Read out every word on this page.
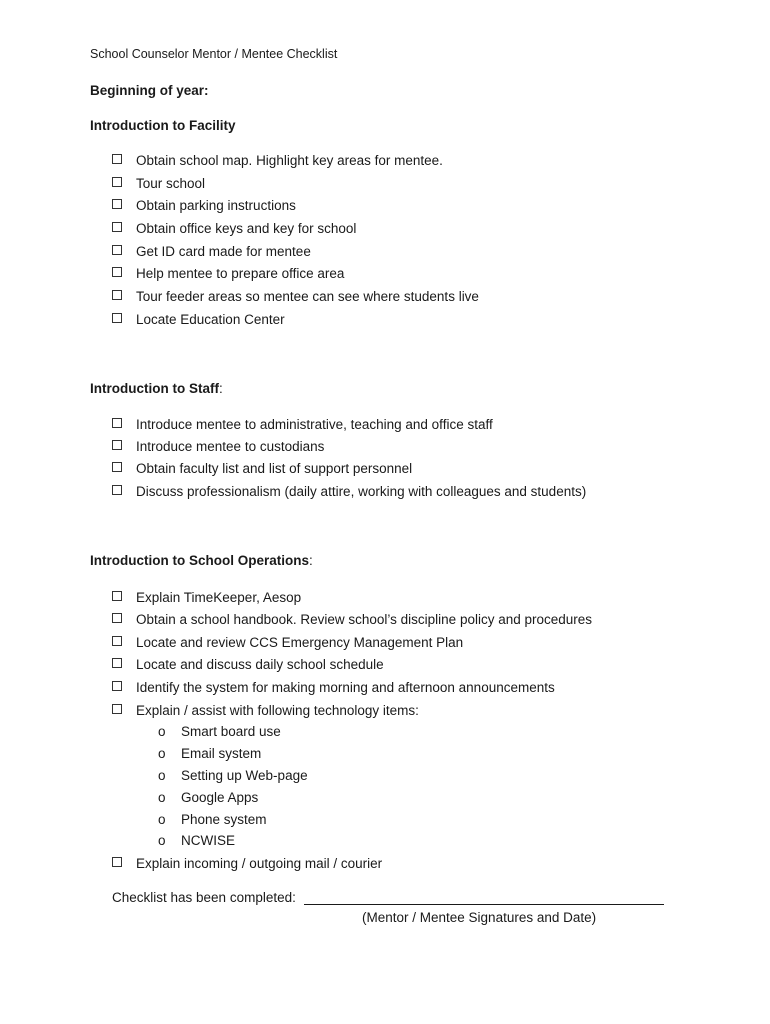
School Counselor Mentor / Mentee Checklist
Beginning of year:
Introduction to Facility
Obtain school map. Highlight key areas for mentee.
Tour school
Obtain parking instructions
Obtain office keys and key for school
Get ID card made for mentee
Help mentee to prepare office area
Tour feeder areas so mentee can see where students live
Locate Education Center
Introduction to Staff:
Introduce mentee to administrative, teaching and office staff
Introduce mentee to custodians
Obtain faculty list and list of support personnel
Discuss professionalism (daily attire, working with colleagues and students)
Introduction to School Operations:
Explain TimeKeeper, Aesop
Obtain a school handbook. Review school’s discipline policy and procedures
Locate and review CCS Emergency Management Plan
Locate and discuss daily school schedule
Identify the system for making morning and afternoon announcements
Explain / assist with following technology items:
o Smart board use
o Email system
o Setting up Web-page
o Google Apps
o Phone system
o NCWISE
Explain incoming / outgoing mail / courier
Checklist has been completed:
(Mentor / Mentee Signatures and Date)
